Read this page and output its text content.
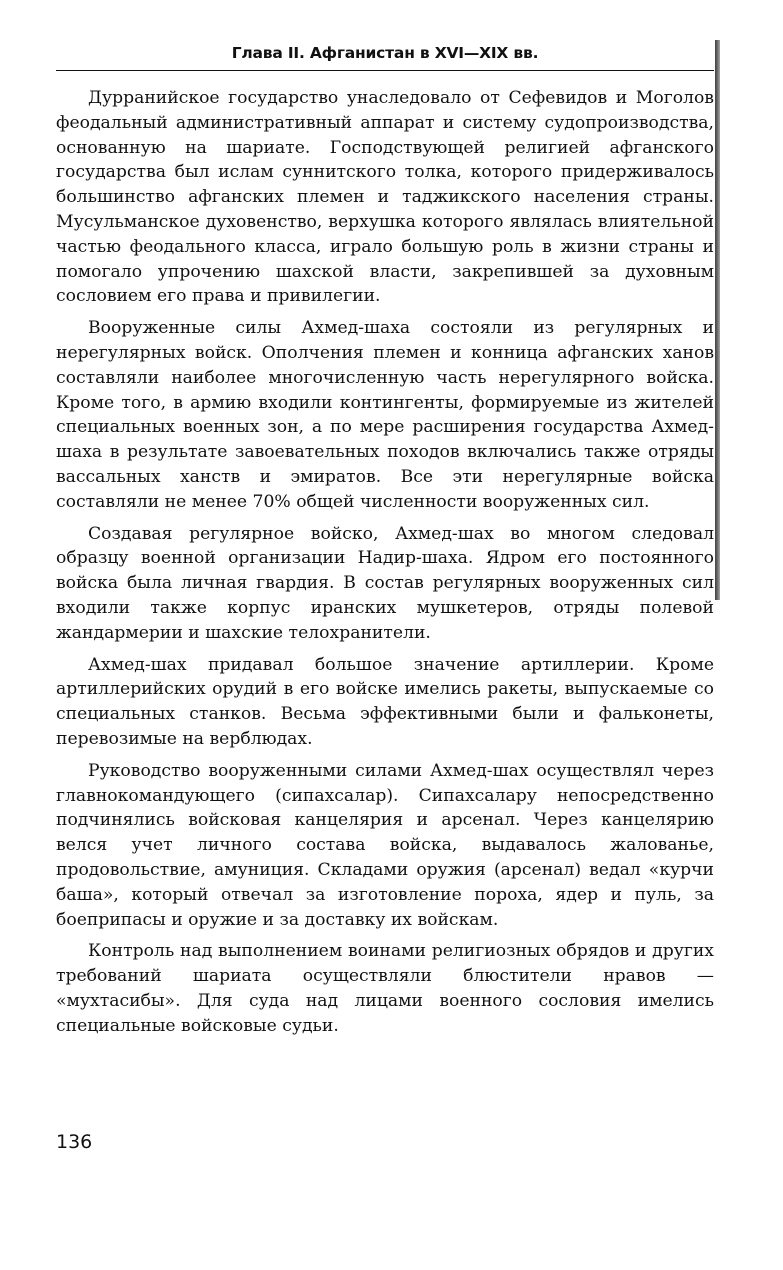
Глава II. Афганистан в XVI—XIX вв.

Дурранийское государство унаследовало от Сефевидов и Моголов феодальный административный аппарат и систему судопроизводства, основанную на шариате. Господствующей религией афганского государства был ислам суннитского толка, которого придерживалось большинство афганских племен и таджикского населения страны. Мусульманское духовенство, верхушка которого являлась влиятельной частью феодального класса, играло большую роль в жизни страны и помогало упрочению шахской власти, закрепившей за духовным сословием его права и привилегии.

Вооруженные силы Ахмед-шаха состояли из регулярных и нерегулярных войск. Ополчения племен и конница афганских ханов составляли наиболее многочисленную часть нерегулярного войска. Кроме того, в армию входили контингенты, формируемые из жителей специальных военных зон, а по мере расширения государства Ахмед-шаха в результате завоевательных походов включались также отряды вассальных ханств и эмиратов. Все эти нерегулярные войска составляли не менее 70% общей численности вооруженных сил.

Создавая регулярное войско, Ахмед-шах во многом следовал образцу военной организации Надир-шаха. Ядром его постоянного войска была личная гвардия. В состав регулярных вооруженных сил входили также корпус иранских мушкетеров, отряды полевой жандармерии и шахские телохранители.

Ахмед-шах придавал большое значение артиллерии. Кроме артиллерийских орудий в его войске имелись ракеты, выпускаемые со специальных станков. Весьма эффективными были и фальконеты, перевозимые на верблюдах.

Руководство вооруженными силами Ахмед-шах осуществлял через главнокомандующего (сипахсалар). Сипахсалару непосредственно подчинялись войсковая канцелярия и арсенал. Через канцелярию велся учет личного состава войска, выдавалось жалованье, продовольствие, амуниция. Складами оружия (арсенал) ведал «курчи баша», который отвечал за изготовление пороха, ядер и пуль, за боеприпасы и оружие и за доставку их войскам.

Контроль над выполнением воинами религиозных обрядов и других требований шариата осуществляли блюстители нравов — «мухтасибы». Для суда над лицами военного сословия имелись специальные войсковые судьи.

136
